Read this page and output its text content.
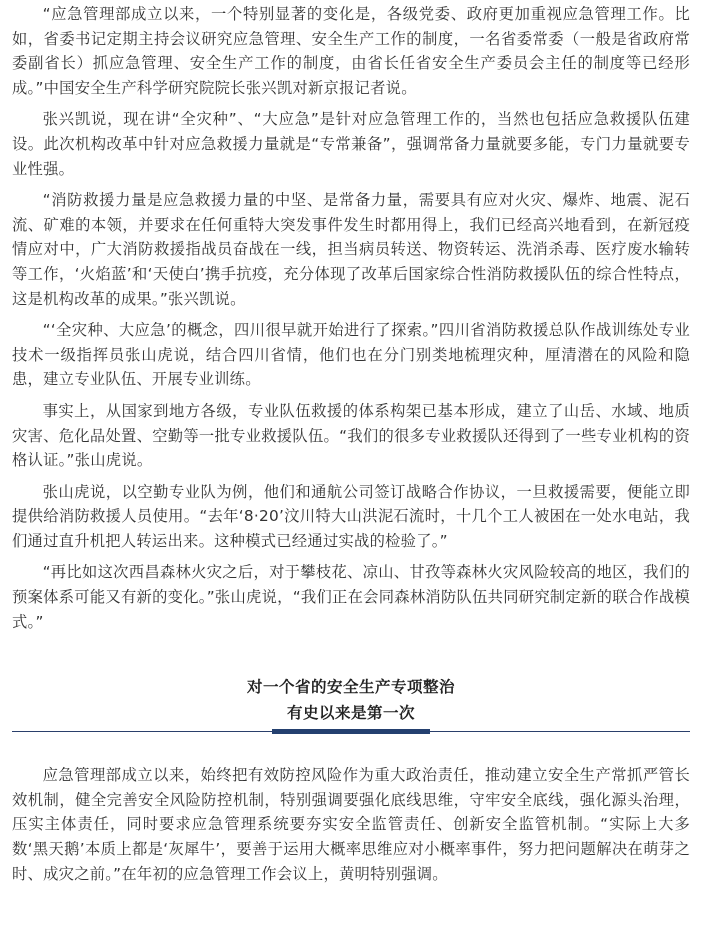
“应急管理部成立以来，一个特别显著的变化是，各级党委、政府更加重视应急管理工作。比如，省委书记定期主持会议研究应急管理、安全生产工作的制度，一名省委常委（一般是省政府常委副省长）抓应急管理、安全生产工作的制度，由省长任省安全生产委员会主任的制度等已经形成。”中国安全生产科学研究院院长张兴凯对新京报记者说。

张兴凯说，现在讲“全灾种”、“大应急”是针对应急管理工作的，当然也包括应急救援队伍建设。此次机构改革中针对应急救援力量就是“专常兼备”，强调常备力量就要多能，专门力量就要专业性强。

“消防救援力量是应急救援力量的中坚、是常备力量，需要具有应对火灾、爆炸、地震、泥石流、矿难的本领，并要求在任何重特大突发事件发生时都用得上，我们已经高兴地看到，在新冠疫情应对中，广大消防救援指战员奋战在一线，担当病员转送、物资转运、洗消杀毒、医疗废水输转等工作，‘火焰蓝’和‘天使白’携手抗疫，充分体现了改革后国家综合性消防救援队伍的综合性特点，这是机构改革的成果。”张兴凯说。

“‘全灾种、大应急’的概念，四川很早就开始进行了探索。”四川省消防救援总队作战训练处专业技术一级指挥员张山虎说，结合四川省情，他们也在分门别类地梳理灾种，厘清潜在的风险和隐患，建立专业队伍、开展专业训练。

事实上，从国家到地方各级，专业队伍救援的体系构架已基本形成，建立了山岳、水域、地质灾害、危化品处置、空勤等一批专业救援队伍。“我们的很多专业救援队还得到了一些专业机构的资格认证。”张山虎说。

张山虎说，以空勤专业队为例，他们和通航公司签订战略合作协议，一旦救援需要，便能立即提供给消防救援人员使用。“去年‘8·20’汶川特大山洪泥石流时，十几个工人被困在一处水电站，我们通过直升机把人转运出来。这种模式已经通过实战的检验了。”

“再比如这次西昌森林火灾之后，对于攀枝花、凉山、甘孜等森林火灾风险较高的地区，我们的预案体系可能又有新的变化。”张山虎说，“我们正在会同森林消防队伍共同研究制定新的联合作战模式。”

对一个省的安全生产专项整治
有史以来是第一次

应急管理部成立以来，始终把有效防控风险作为重大政治责任，推动建立安全生产常抓严管长效机制，健全完善安全风险防控机制，特别强调要强化底线思维，守牢安全底线，强化源头治理，压实主体责任，同时要求应急管理系统要夯实安全监管责任、创新安全监管机制。“实际上大多数‘黑天鹅’本质上都是‘灰犀牛’，要善于运用大概率思维应对小概率事件，努力把问题解决在萌芽之时、成灾之前。”在年初的应急管理工作会议上，黄明特别强调。
